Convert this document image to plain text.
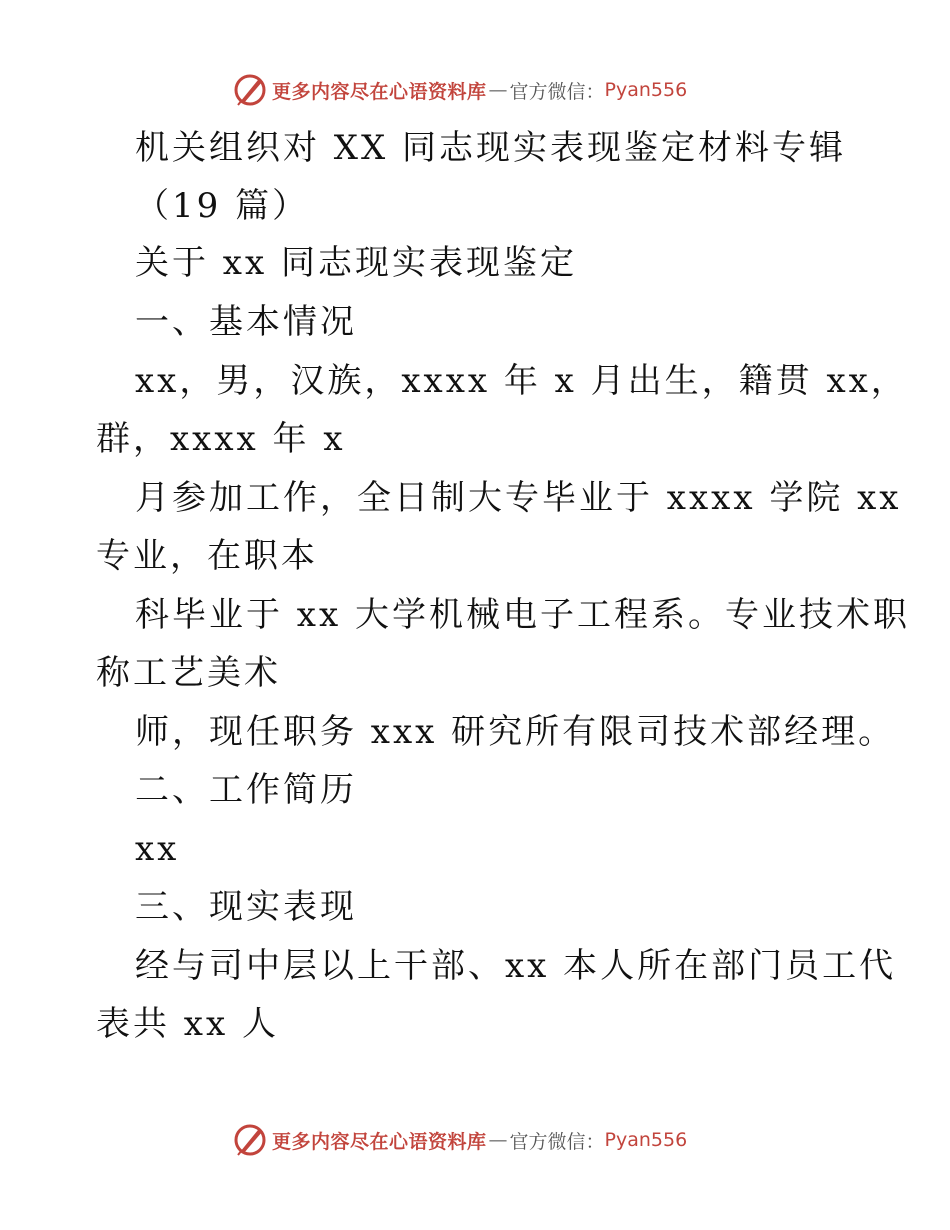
更多内容尽在心语资料库 — 官方微信： Pyan556
机关组织对 XX 同志现实表现鉴定材料专辑
（19 篇）
关于 xx 同志现实表现鉴定
一、基本情况
xx，男，汉族，xxxx 年 x 月出生，籍贯 xx，
群，xxxx 年 x
月参加工作，全日制大专毕业于 xxxx 学院 xx
专业，在职本
科毕业于 xx 大学机械电子工程系。专业技术职
称工艺美术
师，现任职务 xxx 研究所有限司技术部经理。
二、工作简历
xx
三、现实表现
经与司中层以上干部、xx 本人所在部门员工代
表共 xx 人
更多内容尽在心语资料库 — 官方微信： Pyan556
